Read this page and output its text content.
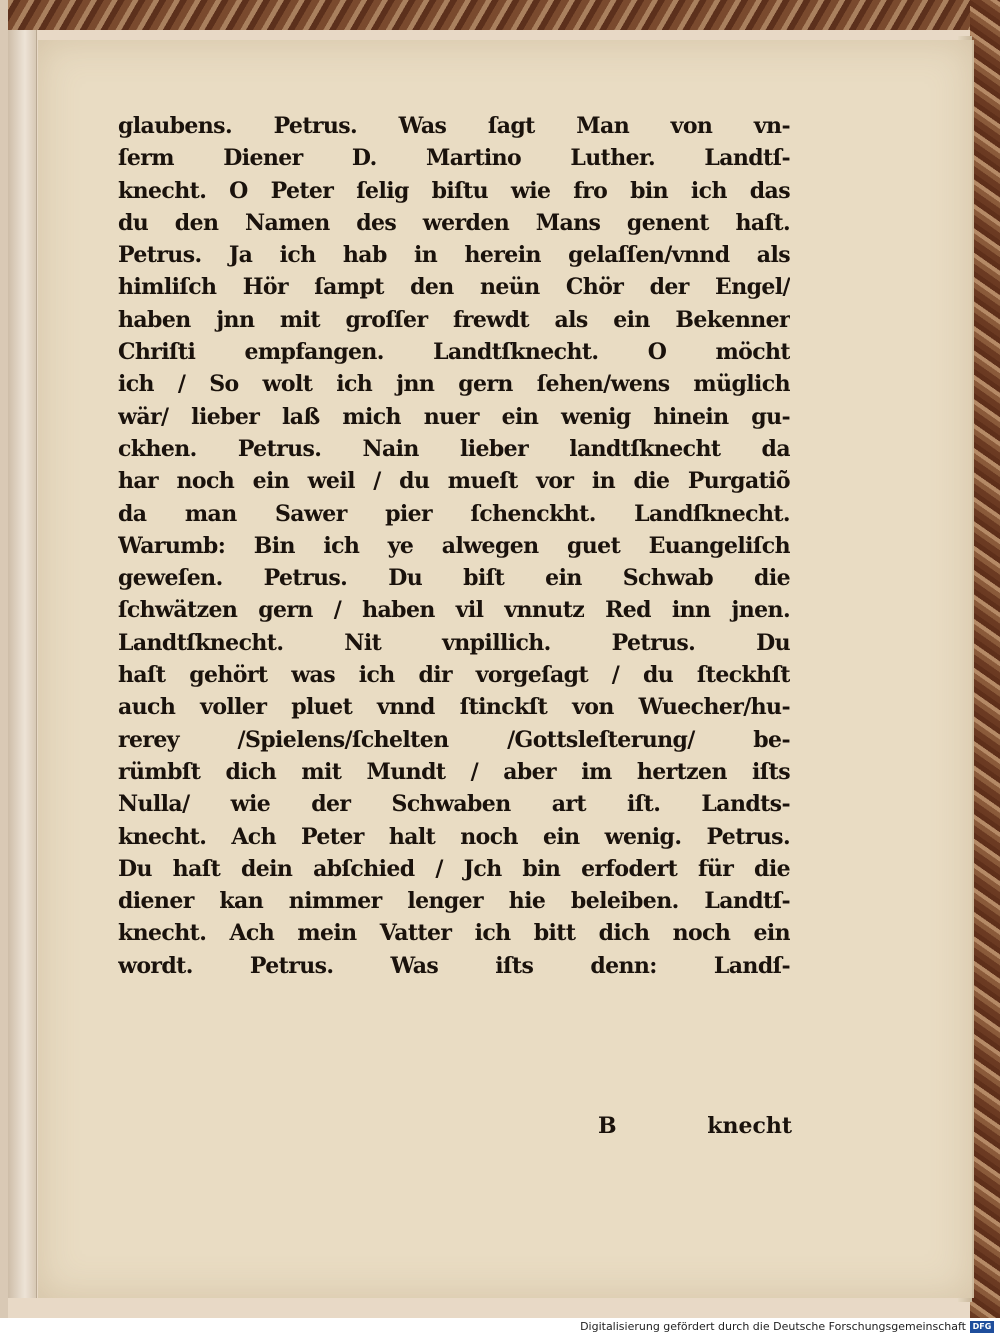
glaubens. Petrus. Was ſagt Man von vn-
ſerm Diener D. Martino Luther. Landtſ-
knecht. O Peter ſelig biſtu wie fro bin ich das
du den Namen des werden Mans genent haſt.
Petrus. Ja ich hab in herein gelaſſen/vnnd als
himliſch Hör ſampt den neün Chör der Engel/
haben jnn mit groſſer frewdt als ein Bekenner
Chriſti empfangen. Landtſknecht. O möcht
ich / So wolt ich jnn gern ſehen/wens müglich
wär/ lieber laß mich nuer ein wenig hinein gu-
ckhen. Petrus. Nain lieber landtſknecht da
har noch ein weil / du mueſt vor in die Purgatiõ
da man Sawer pier ſchenckht. Landſknecht.
Warumb: Bin ich ye alwegen guet Euangeliſch
geweſen. Petrus. Du biſt ein Schwab die
ſchwätzen gern / haben vil vnnutz Red inn jnen.
Landtſknecht. Nit vnpillich. Petrus. Du
haſt gehört was ich dir vorgeſagt / du ſteckhſt
auch voller pluet vnnd ſtinckſt von Wuecher/hu-
rerey /Spielens/ſchelten /Gottsleſterung/ be-
rümbſt dich mit Mundt / aber im hertzen iſts
Nulla/ wie der Schwaben art iſt. Landts-
knecht. Ach Peter halt noch ein wenig. Petrus.
Du haſt dein abſchied / Jch bin erfodert für die
diener kan nimmer lenger hie beleiben. Landtſ-
knecht. Ach mein Vatter ich bitt dich noch ein
wordt. Petrus. Was iſts denn: Landſ-
B	knecht
Digitalisierung gefördert durch die Deutsche Forschungsgemeinschaft DFG
